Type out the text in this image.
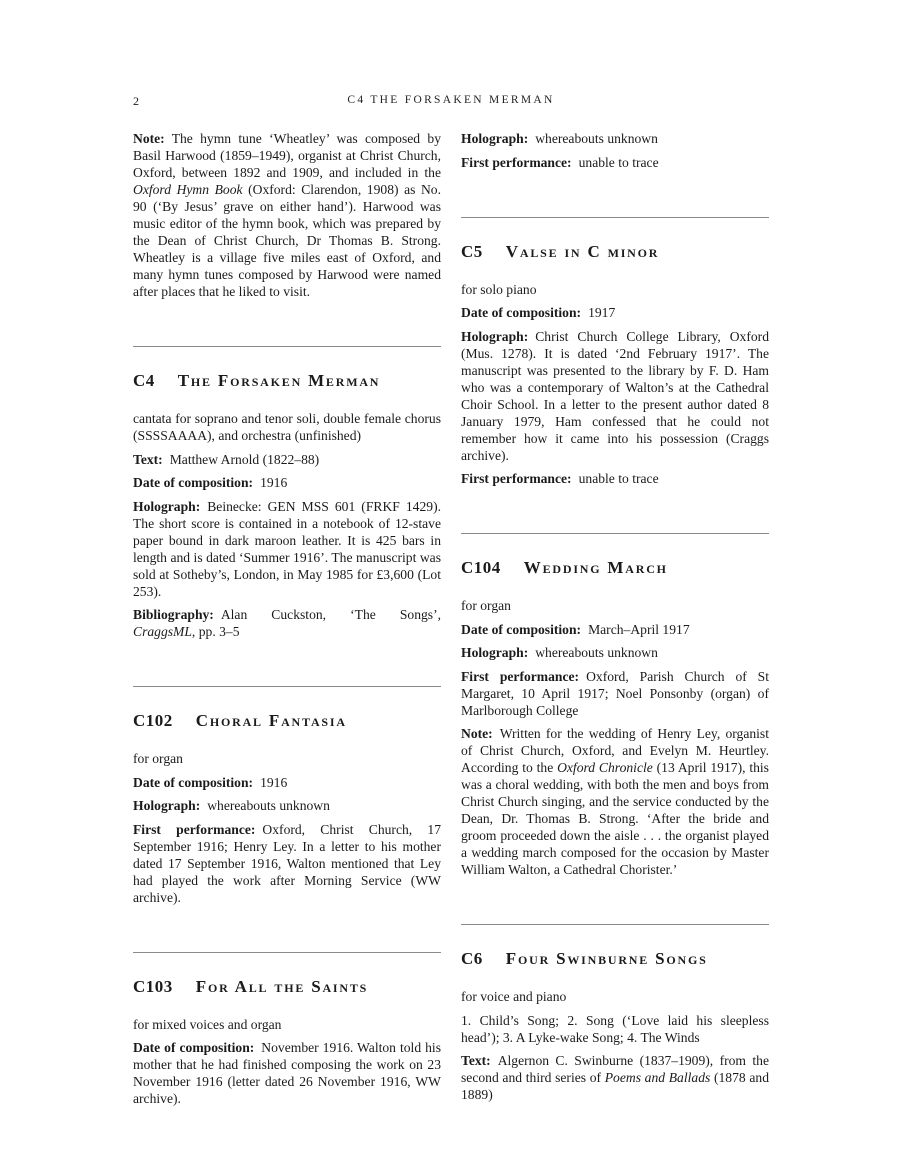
2	C4 THE FORSAKEN MERMAN

Note: The hymn tune ‘Wheatley’ was composed by Basil Harwood (1859–1949), organist at Christ Church, Oxford, between 1892 and 1909, and included in the Oxford Hymn Book (Oxford: Clarendon, 1908) as No. 90 (‘By Jesus’ grave on either hand’). Harwood was music editor of the hymn book, which was prepared by the Dean of Christ Church, Dr Thomas B. Strong. Wheatley is a village five miles east of Oxford, and many hymn tunes composed by Harwood were named after places that he liked to visit.

C4 The Forsaken Merman

cantata for soprano and tenor soli, double female chorus (SSSSAAAA), and orchestra (unfinished)

Text: Matthew Arnold (1822–88)

Date of composition: 1916

Holograph: Beinecke: GEN MSS 601 (FRKF 1429). The short score is contained in a notebook of 12-stave paper bound in dark maroon leather. It is 425 bars in length and is dated ‘Summer 1916’. The manuscript was sold at Sotheby’s, London, in May 1985 for £3,600 (Lot 253).

Bibliography: Alan Cuckston, ‘The Songs’, CraggsML, pp. 3–5

C102 Choral Fantasia

for organ

Date of composition: 1916

Holograph: whereabouts unknown

First performance: Oxford, Christ Church, 17 September 1916; Henry Ley. In a letter to his mother dated 17 September 1916, Walton mentioned that Ley had played the work after Morning Service (WW archive).

C103 For All the Saints

for mixed voices and organ

Date of composition: November 1916. Walton told his mother that he had finished composing the work on 23 November 1916 (letter dated 26 November 1916, WW archive).

Holograph: whereabouts unknown

First performance: unable to trace

C5 Valse in C minor

for solo piano

Date of composition: 1917

Holograph: Christ Church College Library, Oxford (Mus. 1278). It is dated ‘2nd February 1917’. The manuscript was presented to the library by F. D. Ham who was a contemporary of Walton’s at the Cathedral Choir School. In a letter to the present author dated 8 January 1979, Ham confessed that he could not remember how it came into his possession (Craggs archive).

First performance: unable to trace

C104 Wedding March

for organ

Date of composition: March–April 1917

Holograph: whereabouts unknown

First performance: Oxford, Parish Church of St Margaret, 10 April 1917; Noel Ponsonby (organ) of Marlborough College

Note: Written for the wedding of Henry Ley, organist of Christ Church, Oxford, and Evelyn M. Heurtley. According to the Oxford Chronicle (13 April 1917), this was a choral wedding, with both the men and boys from Christ Church singing, and the service conducted by the Dean, Dr. Thomas B. Strong. ‘After the bride and groom proceeded down the aisle . . . the organist played a wedding march composed for the occasion by Master William Walton, a Cathedral Chorister.’

C6 Four Swinburne Songs

for voice and piano

1. Child’s Song; 2. Song (‘Love laid his sleepless head’); 3. A Lyke-wake Song; 4. The Winds

Text: Algernon C. Swinburne (1837–1909), from the second and third series of Poems and Ballads (1878 and 1889)
